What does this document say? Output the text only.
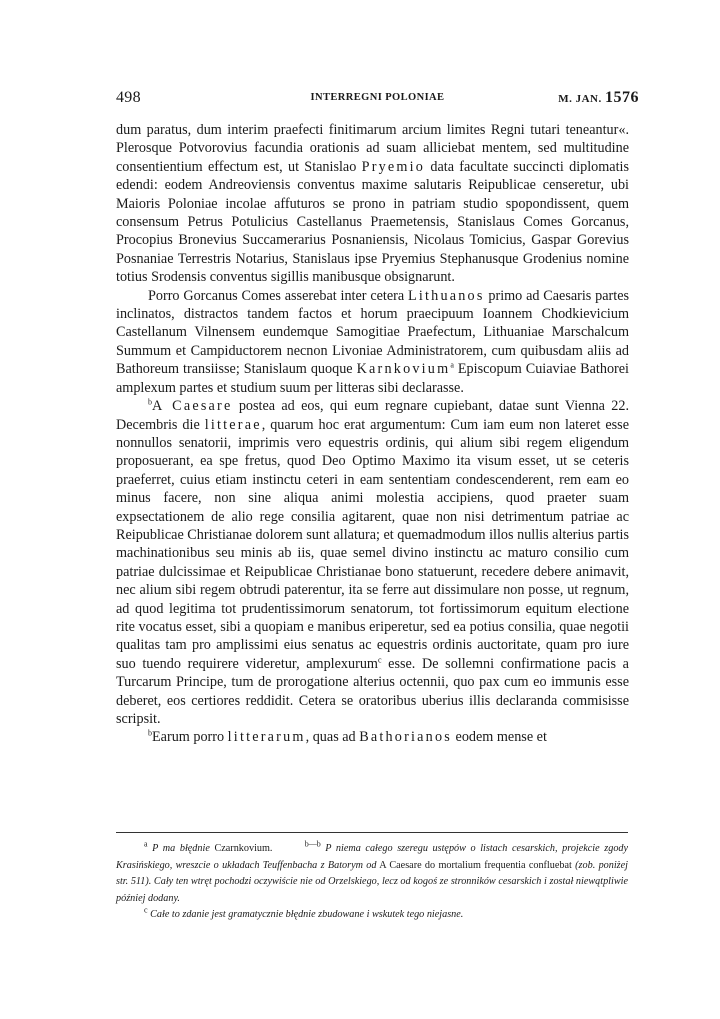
498	INTERREGNI POLONIAE	M. JAN. 1576

dum paratus, dum interim praefecti finitimarum arcium limites Regni tutari teneantur«. Plerosque Potvorovius facundia orationis ad suam alliciebat mentem, sed multitudine consentientium effectum est, ut Stanislao Pryemio data facultate succincti diplomatis edendi: eodem Andreoviensis conventus maxime salutaris Reipublicae censeretur, ubi Maioris Poloniae incolae affuturos se prono in patriam studio spopondissent, quem consensum Petrus Potulicius Castellanus Praemetensis, Stanislaus Comes Gorcanus, Procopius Bronevius Succamerarius Posnaniensis, Nicolaus Tomicius, Gaspar Gorevius Posnaniae Terrestris Notarius, Stanislaus ipse Pryemius Stephanusque Grodenius nomine totius Srodensis conventus sigillis manibusque obsignarunt.

Porro Gorcanus Comes asserebat inter cetera Lithuanos primo ad Caesaris partes inclinatos, distractos tandem factos et horum praecipuum Ioannem Chodkievicium Castellanum Vilnensem eundemque Samogitiae Praefectum, Lithuaniae Marschalcum Summum et Campiductorem necnon Livoniae Administratorem, cum quibusdam aliis ad Bathoreum transiisse; Stanislaum quoque Karnkovium$^a$ Episcopum Cuiaviae Bathorei amplexum partes et studium suum per litteras sibi declarasse.

$^b$A Caesare postea ad eos, qui eum regnare cupiebant, datae sunt Vienna 22. Decembris die litterae, quarum hoc erat argumentum: Cum iam eum non lateret esse nonnullos senatorii, imprimis vero equestris ordinis, qui alium sibi regem eligendum proposuerant, ea spe fretus, quod Deo Optimo Maximo ita visum esset, ut se ceteris praeferret, cuius etiam instinctu ceteri in eam sententiam condescenderent, rem eam eo minus facere, non sine aliqua animi molestia accipiens, quod praeter suam expsectationem de alio rege consilia agitarent, quae non nisi detrimentum patriae ac Reipublicae Christianae dolorem sunt allatura; et quemadmodum illos nullis alterius partis machinationibus seu minis ab iis, quae semel divino instinctu ac maturo consilio cum patriae dulcissimae et Reipublicae Christianae bono statuerunt, recedere debere animavit, nec alium sibi regem obtrudi paterentur, ita se ferre aut dissimulare non posse, ut regnum, ad quod legitima tot prudentissimorum senatorum, tot fortissimorum equitum electione rite vocatus esset, sibi a quopiam e manibus eriperetur, sed ea potius consilia, quae negotii qualitas tam pro amplissimi eius senatus ac equestris ordinis auctoritate, quam pro iure suo tuendo requirere videretur, amplexurum$^c$ esse. De sollemni confirmatione pacis a Turcarum Principe, tum de prorogatione alterius octennii, quo pax cum eo immunis esse deberet, eos certiores reddidit. Cetera se oratoribus uberius illis declaranda commisisse scripsit.

$^b$Earum porro litterarum, quas ad Bathorianos eodem mense et

$^a$ P ma błędnie Czarnkovium.	$^{b—b}$ P niema całego szeregu ustępów o listach cesarskich, projekcie zgody Krasińskiego, wreszcie o układach Teuffenbacha z Batorym od A Caesare do mortalium frequentia confluebat (zob. poniżej str. 511). Cały ten wtręt pochodzi oczywiście nie od Orzelskiego, lecz od kogoś ze stronników cesarskich i został niewątpliwie później dodany.

$^c$ Całe to zdanie jest gramatycznie błędnie zbudowane i wskutek tego niejasne.
